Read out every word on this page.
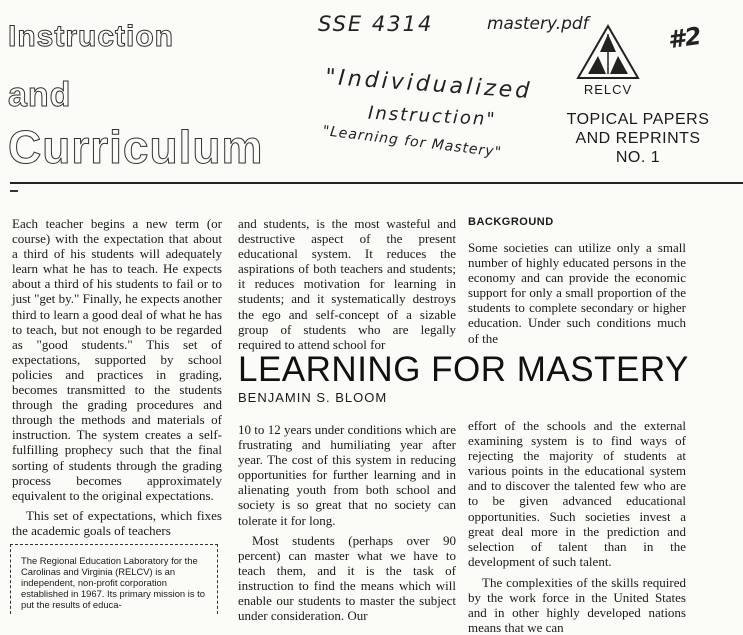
Instruction
and
Curriculum
SSE 4314	mastery.pdf	#2
"Individualized
Instruction"
"Learning for Mastery"
RELCV
TOPICAL PAPERS
AND REPRINTS
NO. 1

Each teacher begins a new term (or course) with the expectation that about a third of his students will adequately learn what he has to teach. He expects about a third of his students to fail or to just "get by." Finally, he expects another third to learn a good deal of what he has to teach, but not enough to be regarded as "good students." This set of expectations, supported by school policies and practices in grading, becomes transmitted to the students through the grading procedures and through the methods and materials of instruction. The system creates a self-fulfilling prophecy such that the final sorting of students through the grading process becomes approximately equivalent to the original expectations.

This set of expectations, which fixes the academic goals of teachers

and students, is the most wasteful and destructive aspect of the present educational system. It reduces the aspirations of both teachers and students; it reduces motivation for learning in students; and it systematically destroys the ego and self-concept of a sizable group of students who are legally required to attend school for

LEARNING FOR MASTERY
BENJAMIN S. BLOOM

10 to 12 years under conditions which are frustrating and humiliating year after year. The cost of this system in reducing opportunities for further learning and in alienating youth from both school and society is so great that no society can tolerate it for long.

Most students (perhaps over 90 percent) can master what we have to teach them, and it is the task of instruction to find the means which will enable our students to master the subject under consideration. Our

BACKGROUND

Some societies can utilize only a small number of highly educated persons in the economy and can provide the economic support for only a small proportion of the students to complete secondary or higher education. Under such conditions much of the

effort of the schools and the external examining system is to find ways of rejecting the majority of students at various points in the educational system and to discover the talented few who are to be given advanced educational opportunities. Such societies invest a great deal more in the prediction and selection of talent than in the development of such talent.

The complexities of the skills required by the work force in the United States and in other highly developed nations means that we can

The Regional Education Laboratory for the Carolinas and Virginia (RELCV) is an independent, non-profit corporation established in 1967. Its primary mission is to put the results of educa-
